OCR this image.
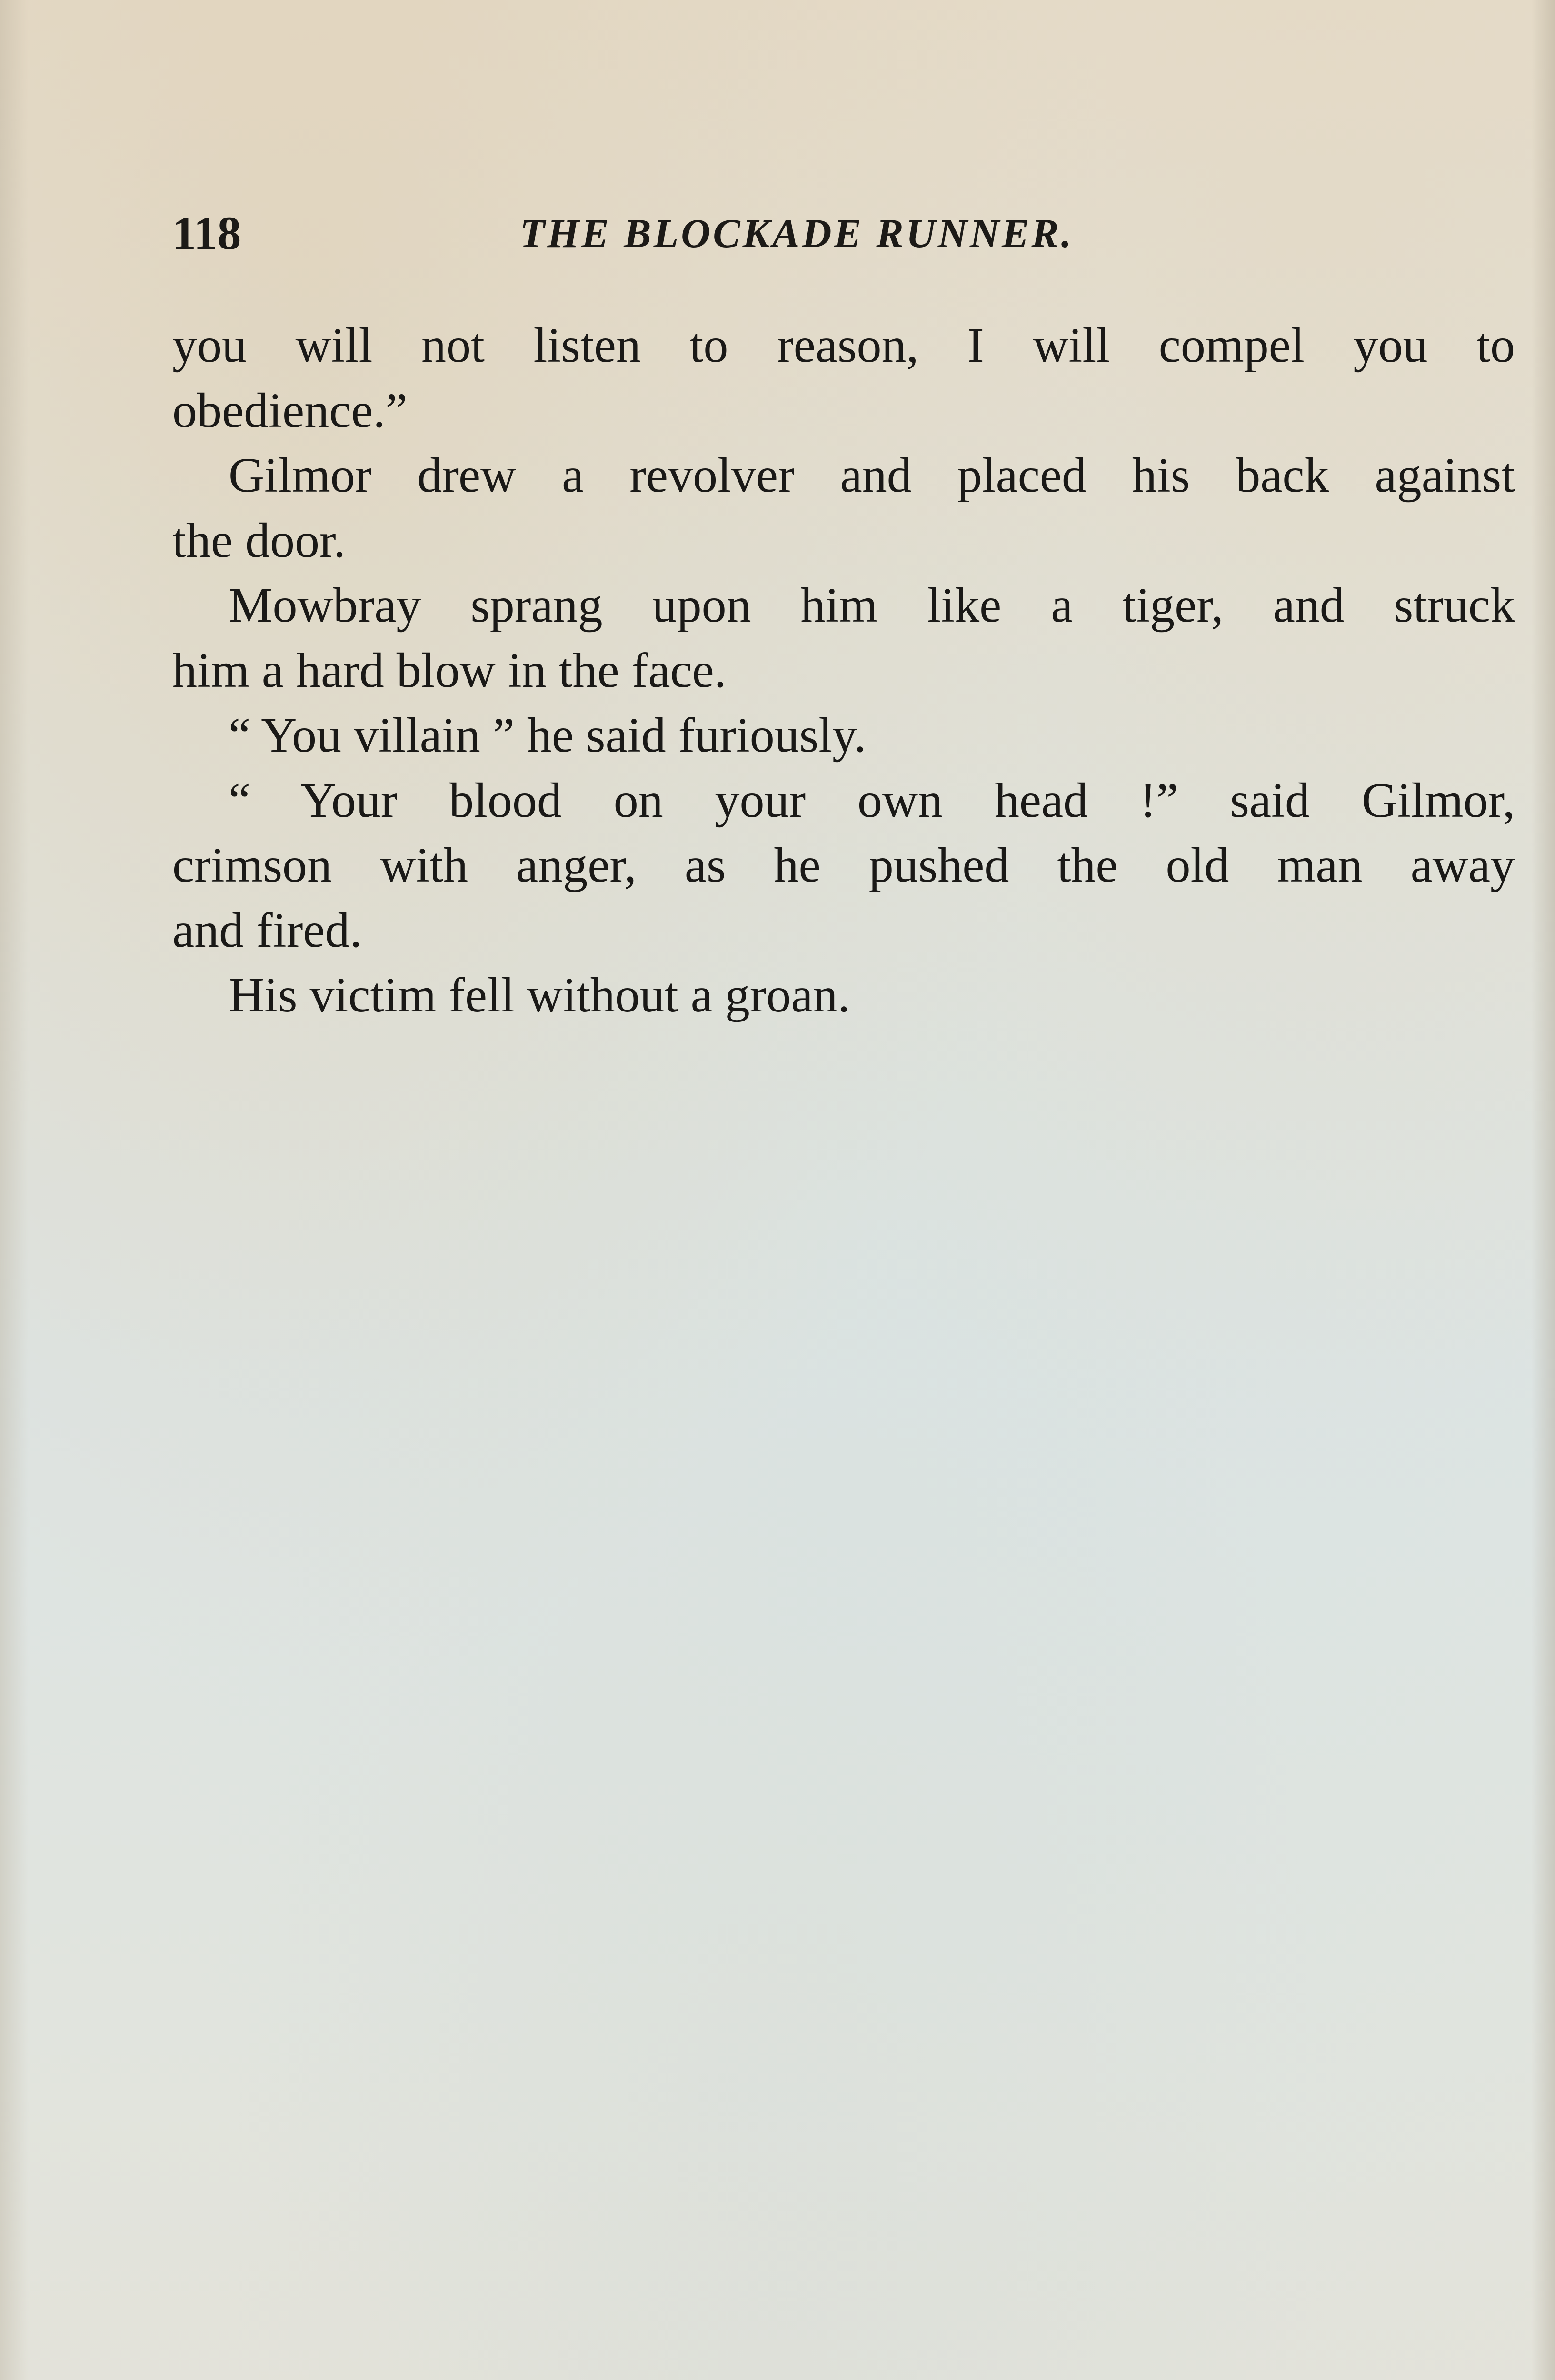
118	THE BLOCKADE RUNNER.
you will not listen to reason, I will compel you to
obedience.”
Gilmor drew a revolver and placed his back against
the door.
Mowbray sprang upon him like a tiger, and struck
him a hard blow in the face.
“ You villain ” he said furiously.
“ Your blood on your own head !” said Gilmor,
crimson with anger, as he pushed the old man away
and fired.
His victim fell without a groan.
